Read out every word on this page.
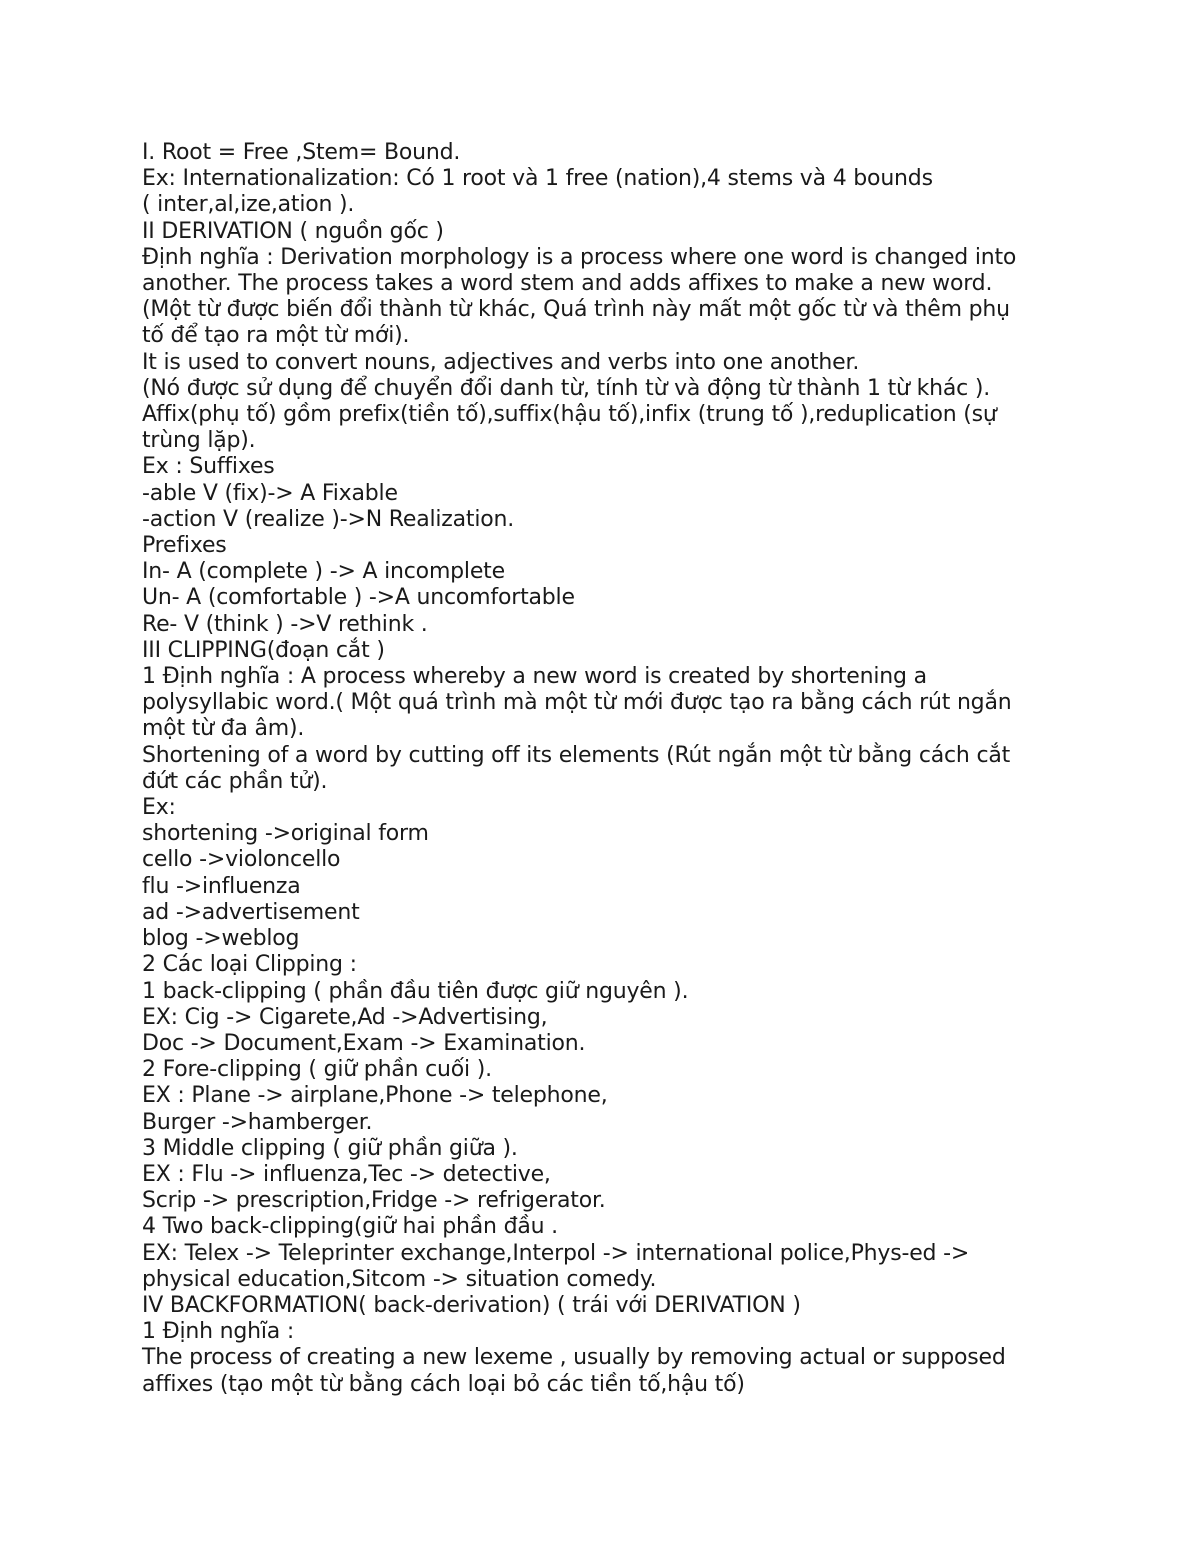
I. Root = Free ,Stem= Bound.
Ex: Internationalization: Có 1 root và 1 free (nation),4 stems và 4 bounds
( inter,al,ize,ation ).
II DERIVATION ( nguồn gốc )
Định nghĩa : Derivation morphology is a process where one word is changed into
another. The process takes a word stem and adds affixes to make a new word.
(Một từ được biến đổi thành từ khác, Quá trình này mất một gốc từ và thêm phụ
tố để tạo ra một từ mới).
It is used to convert nouns, adjectives and verbs into one another.
(Nó được sử dụng để chuyển đổi danh từ, tính từ và động từ thành 1 từ khác ).
Affix(phụ tố) gồm prefix(tiền tố),suffix(hậu tố),infix (trung tố ),reduplication (sự
trùng lặp).
Ex : Suffixes
-able V (fix)-> A Fixable
-action V (realize )->N Realization.
Prefixes
In- A (complete ) -> A incomplete
Un- A (comfortable ) ->A uncomfortable
Re- V (think ) ->V rethink .
III CLIPPING(đoạn cắt )
1 Định nghĩa : A process whereby a new word is created by shortening a
polysyllabic word.( Một quá trình mà một từ mới được tạo ra bằng cách rút ngắn
một từ đa âm).
Shortening of a word by cutting off its elements (Rút ngắn một từ bằng cách cắt
đứt các phần tử).
Ex:
shortening ->original form
cello ->violoncello
flu ->influenza
ad ->advertisement
blog ->weblog
2 Các loại Clipping :
1 back-clipping ( phần đầu tiên được giữ nguyên ).
EX: Cig -> Cigarete,Ad ->Advertising,
Doc -> Document,Exam -> Examination.
2 Fore-clipping ( giữ phần cuối ).
EX : Plane -> airplane,Phone -> telephone,
Burger ->hamberger.
3 Middle clipping ( giữ phần giữa ).
EX : Flu -> influenza,Tec -> detective,
Scrip -> prescription,Fridge -> refrigerator.
4 Two back-clipping(giữ hai phần đầu .
EX: Telex -> Teleprinter exchange,Interpol -> international police,Phys-ed ->
physical education,Sitcom -> situation comedy.
IV BACKFORMATION( back-derivation) ( trái với DERIVATION )
1 Định nghĩa :
The process of creating a new lexeme , usually by removing actual or supposed
affixes (tạo một từ bằng cách loại bỏ các tiền tố,hậu tố)
